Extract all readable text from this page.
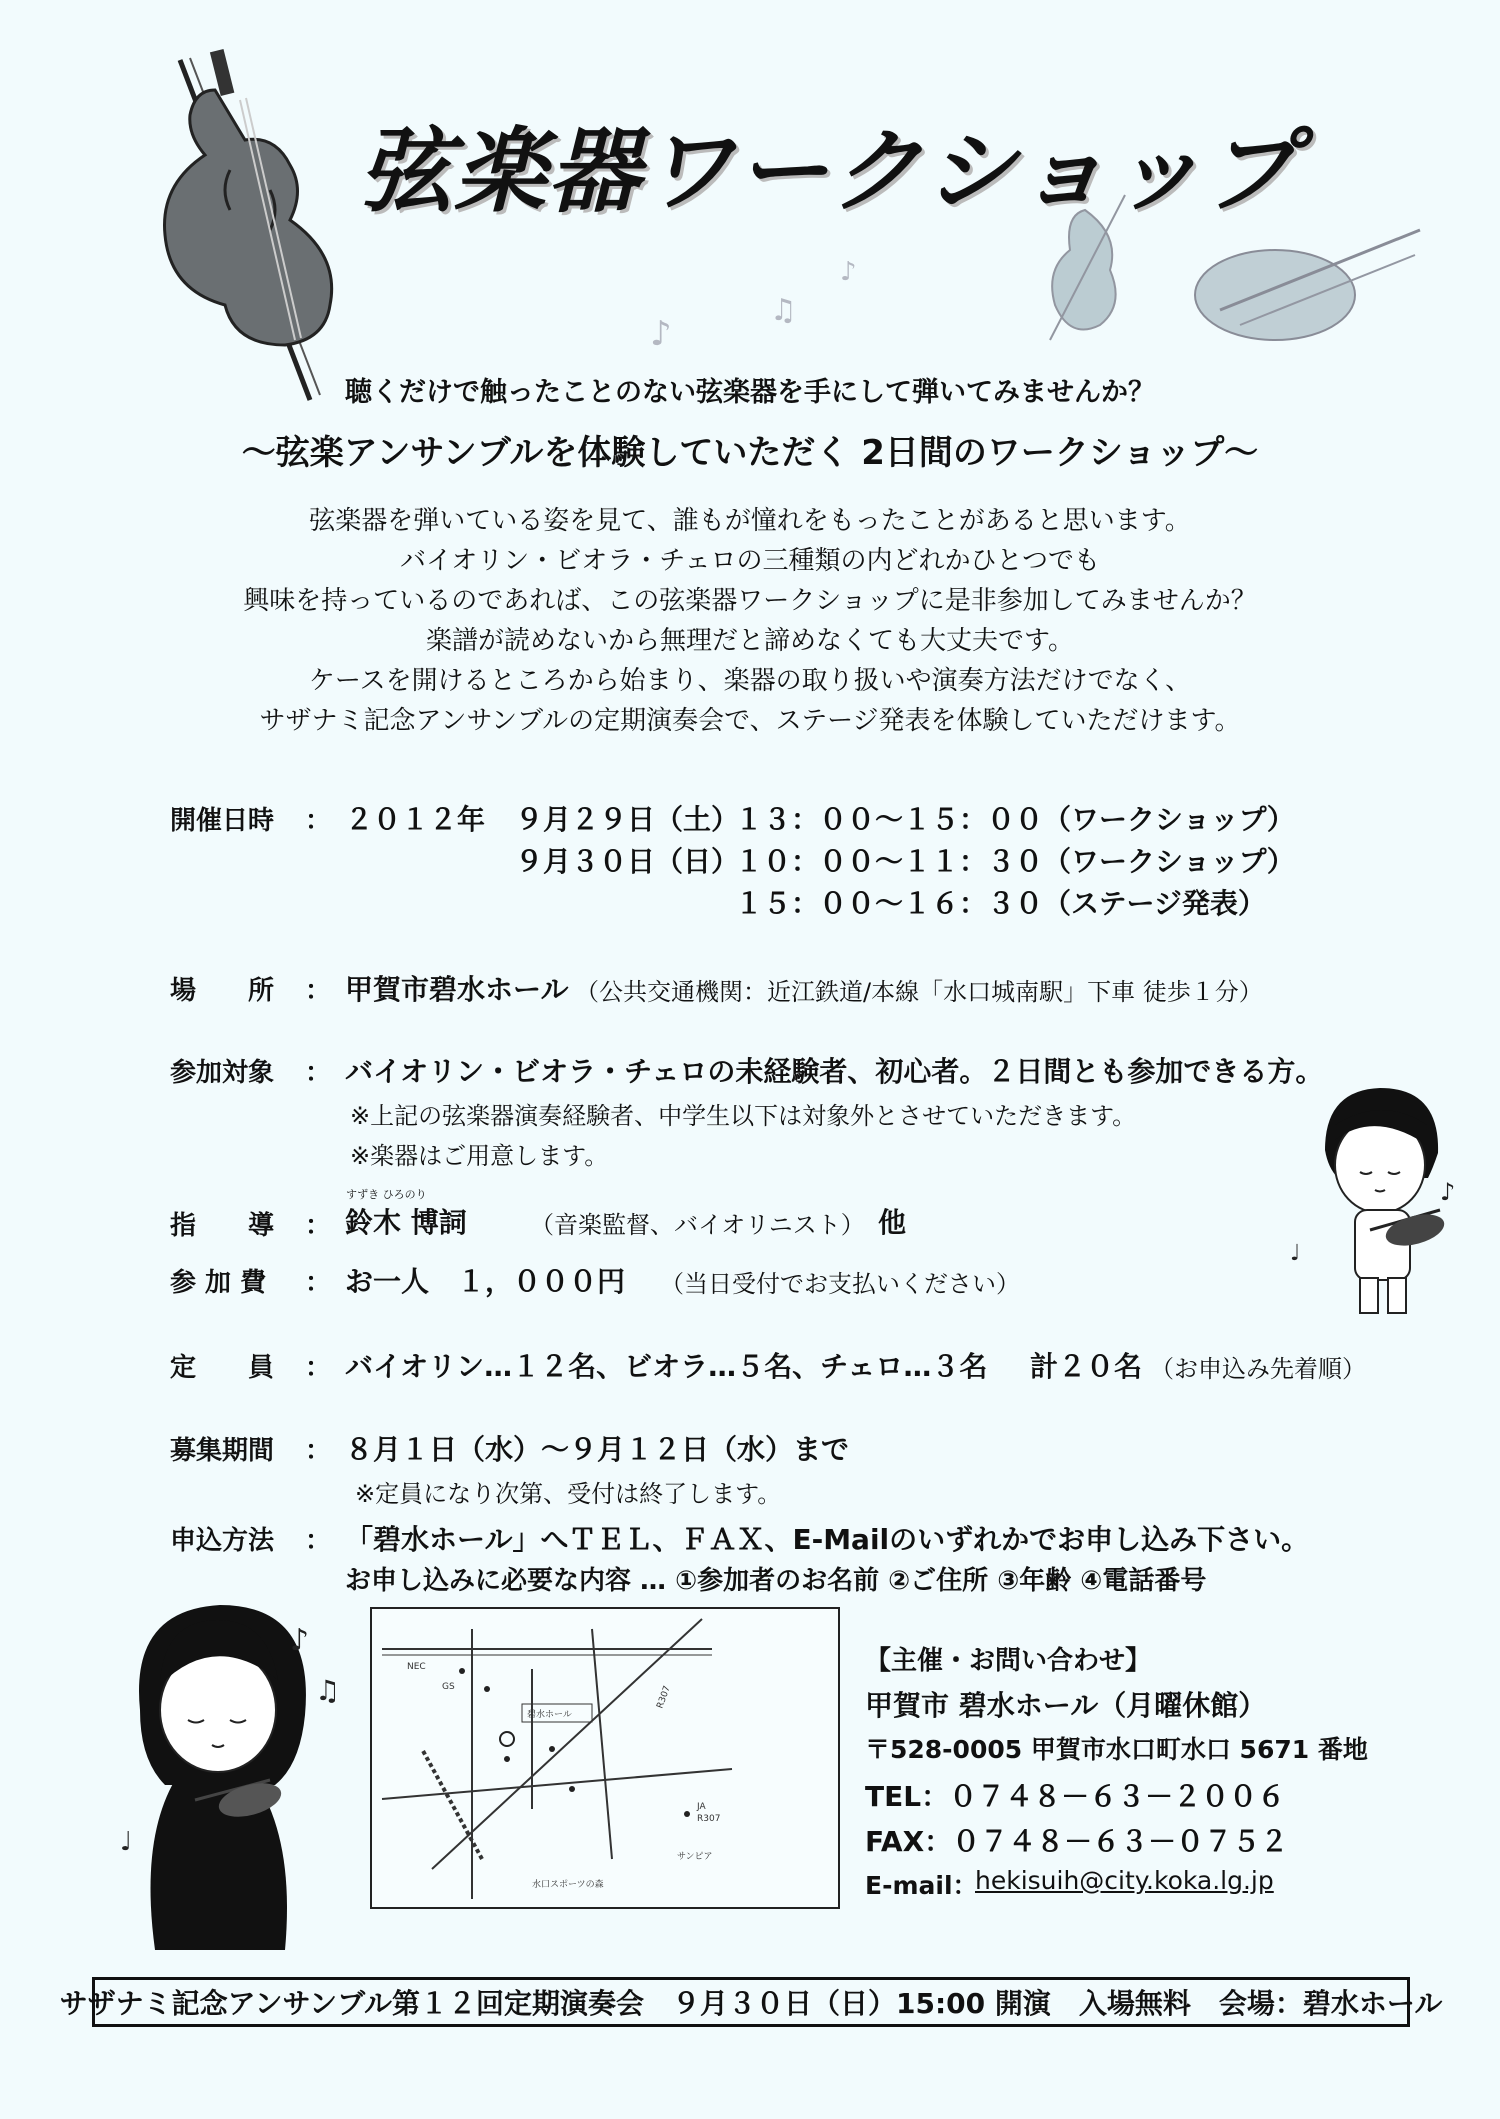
♪
♫
♪
弦楽器ワークショップ
聴くだけで触ったことのない弦楽器を手にして弾いてみませんか？
～弦楽アンサンブルを体験していただく 2日間のワークショップ～
弦楽器を弾いている姿を見て、誰もが憧れをもったことがあると思います。
バイオリン・ビオラ・チェロの三種類の内どれかひとつでも
興味を持っているのであれば、この弦楽器ワークショップに是非参加してみませんか？
楽譜が読めないから無理だと諦めなくても大丈夫です。
ケースを開けるところから始まり、楽器の取り扱いや演奏方法だけでなく、
サザナミ記念アンサンブルの定期演奏会で、ステージ発表を体験していただけます。
開催日時 ： ２０１２年 ９月２９日（土）
１３：００～１５：００（ワークショップ）
９月３０日（日）
１０：００～１１：３０（ワークショップ）
１５：００～１６：３０（ステージ発表）
場　　所 ： 甲賀市碧水ホール （公共交通機関：近江鉄道/本線「水口城南駅」下車 徒歩１分）
参加対象 ： バイオリン・ビオラ・チェロの未経験者、初心者。２日間とも参加できる方。
※上記の弦楽器演奏経験者、中学生以下は対象外とさせていただきます。
※楽器はご用意します。
指　　導 ：
すずき ひろのり
鈴木 博詞	（音楽監督、バイオリニスト） 他
参 加 費 ： お一人　１，０００円 （当日受付でお支払いください）
定　　員 ： バイオリン…１２名、ビオラ…５名、チェロ…３名 計２０名 （お申込み先着順）
募集期間 ： ８月１日（水）～９月１２日（水）まで
※定員になり次第、受付は終了します。
申込方法 ： 「碧水ホール」へＴＥＬ、ＦＡＸ、E-Mailのいずれかでお申し込み下さい。
お申し込みに必要な内容 … ①参加者のお名前 ②ご住所 ③年齢 ④電話番号
♪
♩
♪
♫
♩
NEC
GS
碧水ホール
JA
R307
R307
サンピア
水口スポーツの森
【主催・お問い合わせ】
甲賀市 碧水ホール（月曜休館）
〒528-0005 甲賀市水口町水口 5671 番地
TEL：０７４８－６３－２００６
FAX：０７４８－６３－０７５２
E-mail：
hekisuih@city.koka.lg.jp
サザナミ記念アンサンブル第１２回定期演奏会　９月３０日（日）15:00 開演　入場無料　会場：碧水ホール
